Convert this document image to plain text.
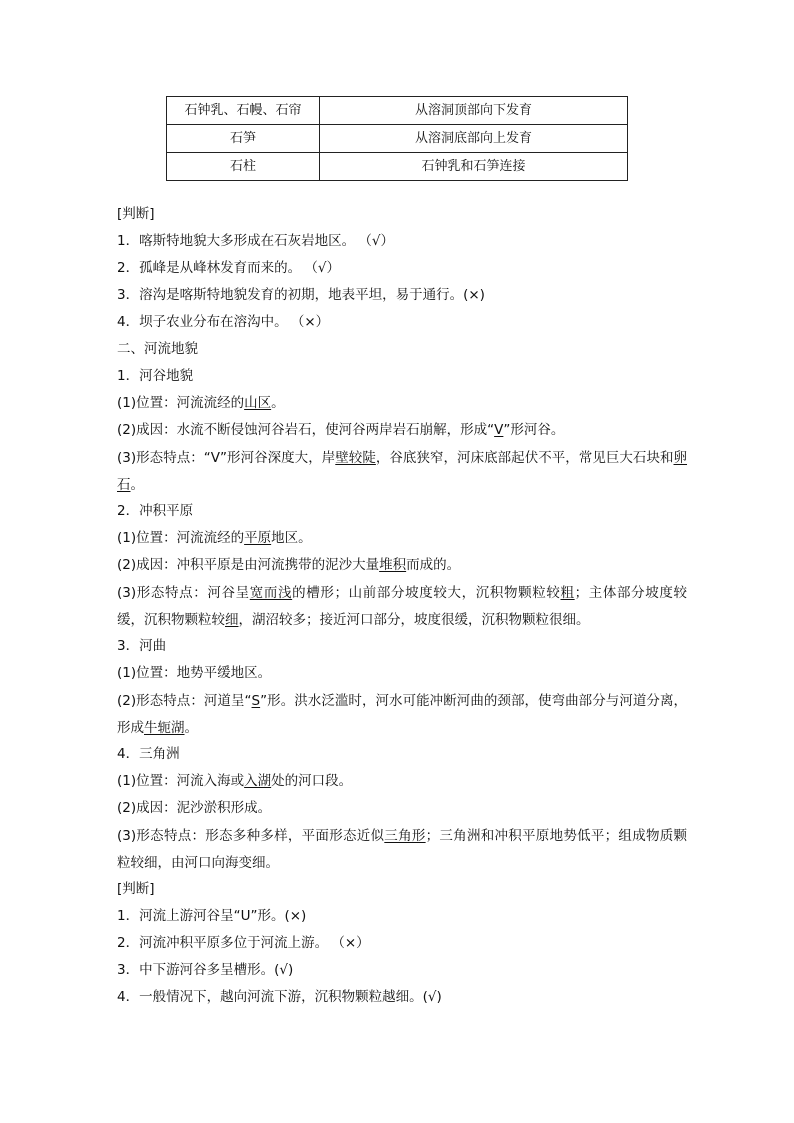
石钟乳、石幔、石帘	从溶洞顶部向下发育
石笋	从溶洞底部向上发育
石柱	石钟乳和石笋连接
[判断]
1．喀斯特地貌大多形成在石灰岩地区。 （√）
2．孤峰是从峰林发育而来的。 （√）
3．溶沟是喀斯特地貌发育的初期，地表平坦，易于通行。(×)
4．坝子农业分布在溶沟中。 （×）
二、河流地貌
1．河谷地貌
(1)位置：河流流经的山区。
(2)成因：水流不断侵蚀河谷岩石，使河谷两岸岩石崩解，形成“V”形河谷。
(3)形态特点：“V”形河谷深度大，岸壁较陡，谷底狭窄，河床底部起伏不平，常见巨大石块和卵石。
2．冲积平原
(1)位置：河流流经的平原地区。
(2)成因：冲积平原是由河流携带的泥沙大量堆积而成的。
(3)形态特点：河谷呈宽而浅的槽形；山前部分坡度较大，沉积物颗粒较粗；主体部分坡度较缓，沉积物颗粒较细，湖沼较多；接近河口部分，坡度很缓，沉积物颗粒很细。
3．河曲
(1)位置：地势平缓地区。
(2)形态特点：河道呈“S”形。洪水泛滥时，河水可能冲断河曲的颈部，使弯曲部分与河道分离，形成牛轭湖。
4．三角洲
(1)位置：河流入海或入湖处的河口段。
(2)成因：泥沙淤积形成。
(3)形态特点：形态多种多样，平面形态近似三角形；三角洲和冲积平原地势低平；组成物质颗粒较细，由河口向海变细。
[判断]
1．河流上游河谷呈“U”形。(×)
2．河流冲积平原多位于河流上游。 （×）
3．中下游河谷多呈槽形。(√)
4．一般情况下，越向河流下游，沉积物颗粒越细。(√)
